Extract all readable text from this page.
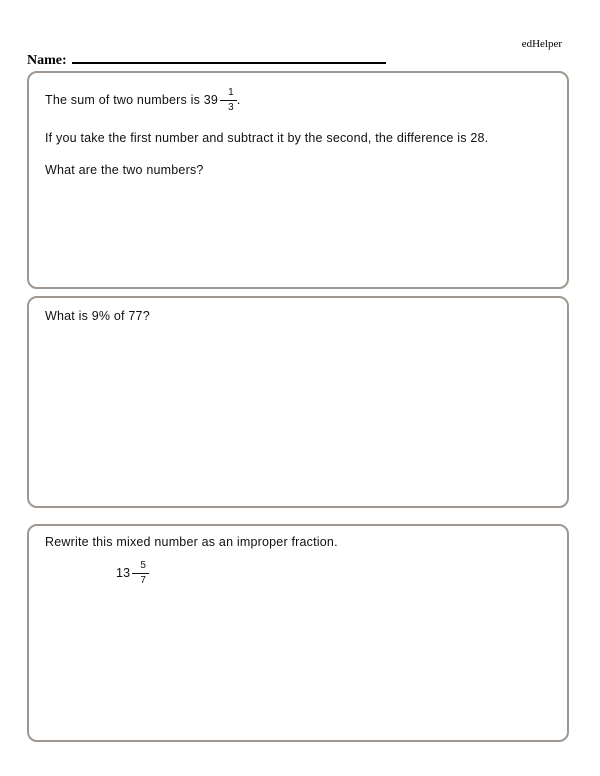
edHelper
Name:
The sum of two numbers is
$39 \frac{1}{3}$ .
If you take the first number and subtract it by the second, the difference is 28.
What are the two numbers?
What is 9% of 77?
Rewrite this mixed number as an improper fraction.
$13 \frac{5}{7}$
